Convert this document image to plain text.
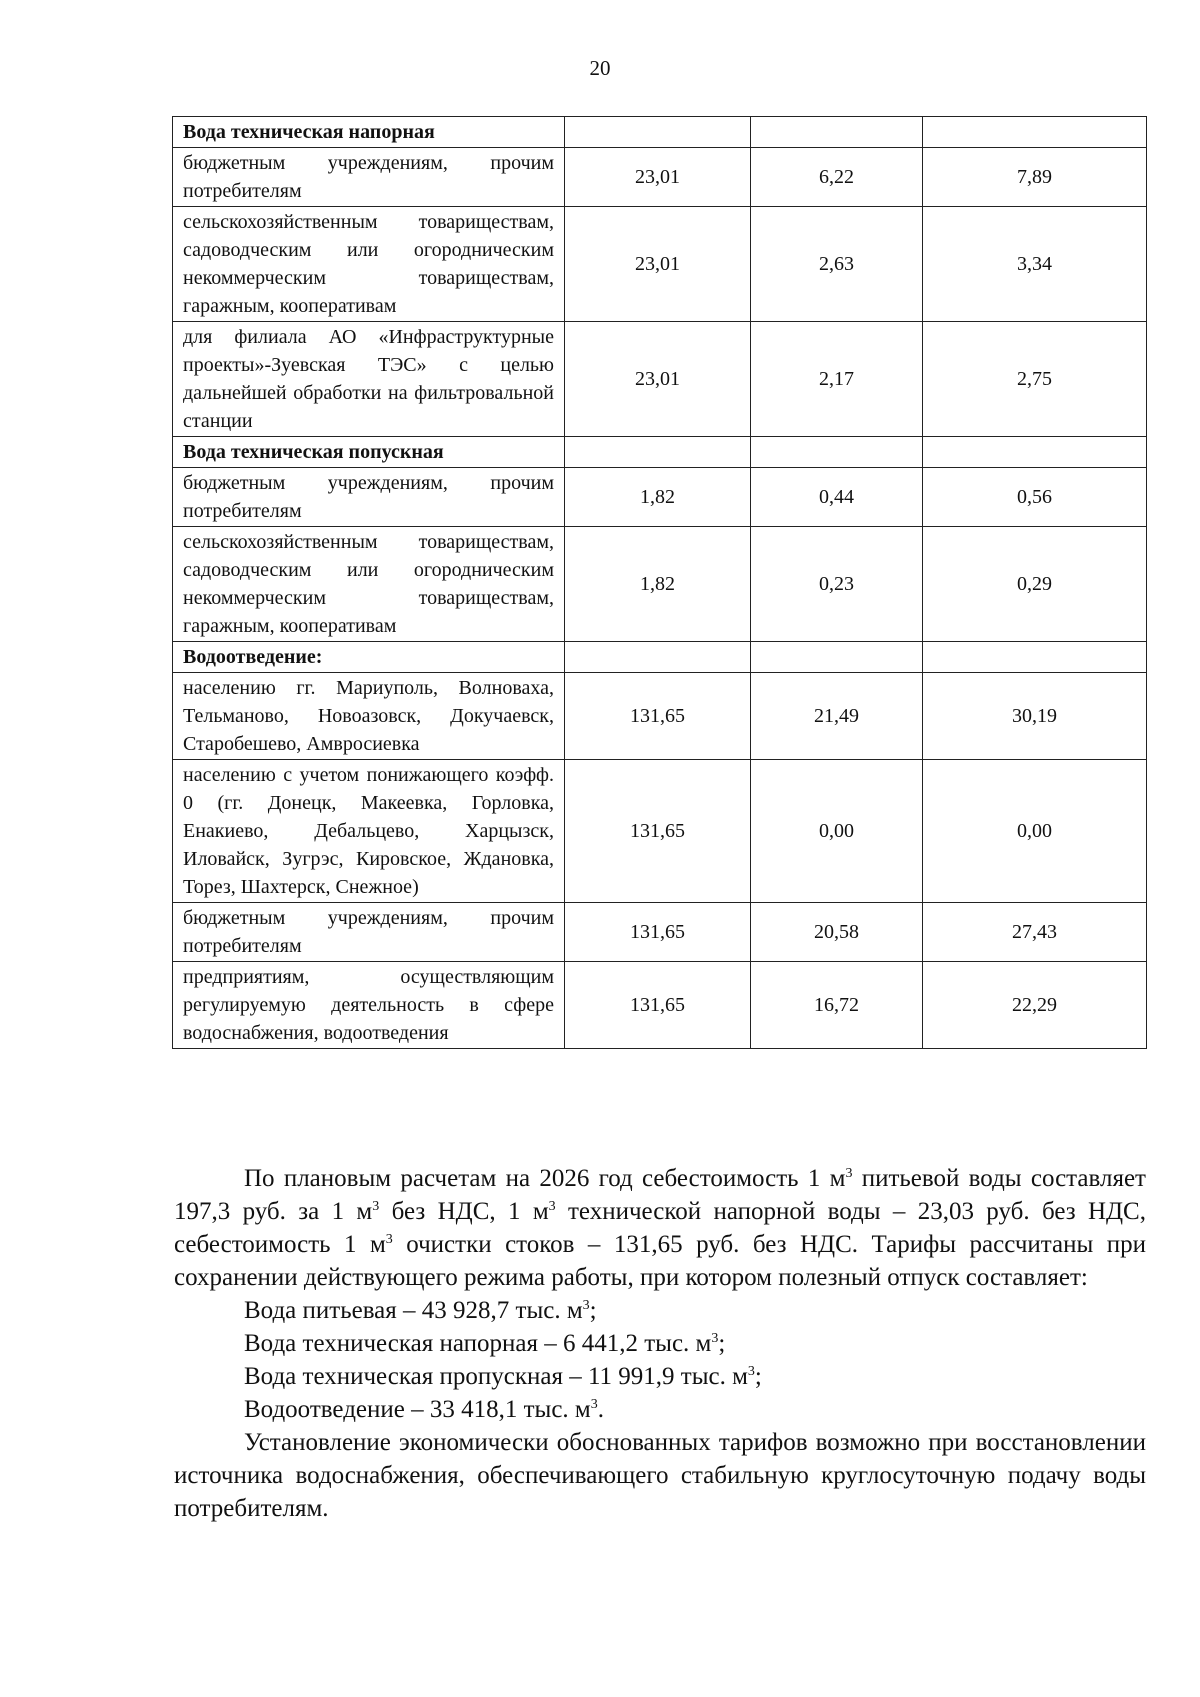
20
Вода техническая напорная			
бюджетным учреждениям, прочим потребителям	23,01	6,22	7,89
сельскохозяйственным товариществам, садоводческим или огородническим некоммерческим товариществам, гаражным, кооперативам	23,01	2,63	3,34
для филиала АО «Инфраструктурные проекты»-Зуевская ТЭС» с целью дальнейшей обработки на фильтровальной станции	23,01	2,17	2,75
Вода техническая попускная			
бюджетным учреждениям, прочим потребителям	1,82	0,44	0,56
сельскохозяйственным товариществам, садоводческим или огородническим некоммерческим товариществам, гаражным, кооперативам	1,82	0,23	0,29
Водоотведение:			
населению гг. Мариуполь, Волноваха, Тельманово, Новоазовск, Докучаевск, Старобешево, Амвросиевка	131,65	21,49	30,19
населению с учетом понижающего коэфф. 0 (гг. Донецк, Макеевка, Горловка, Енакиево, Дебальцево, Харцызск, Иловайск, Зугрэс, Кировское, Ждановка, Торез, Шахтерск, Снежное)	131,65	0,00	0,00
бюджетным учреждениям, прочим потребителям	131,65	20,58	27,43
предприятиям, осуществляющим регулируемую деятельность в сфере водоснабжения, водоотведения	131,65	16,72	22,29

По плановым расчетам на 2026 год себестоимость 1 $м^3$ питьевой воды составляет 197,3 руб. за 1 $м^3$ без НДС, 1 $м^3$ технической напорной воды – 23,03 руб. без НДС, себестоимость 1 $м^3$ очистки стоков – 131,65 руб. без НДС. Тарифы рассчитаны при сохранении действующего режима работы, при котором полезный отпуск составляет:

Вода питьевая – 43 928,7 тыс. $м^3$;

Вода техническая напорная – 6 441,2 тыс. $м^3$;

Вода техническая пропускная – 11 991,9 тыс. $м^3$;

Водоотведение – 33 418,1 тыс. $м^3$.

Установление экономически обоснованных тарифов возможно при восстановлении источника водоснабжения, обеспечивающего стабильную круглосуточную подачу воды потребителям.
